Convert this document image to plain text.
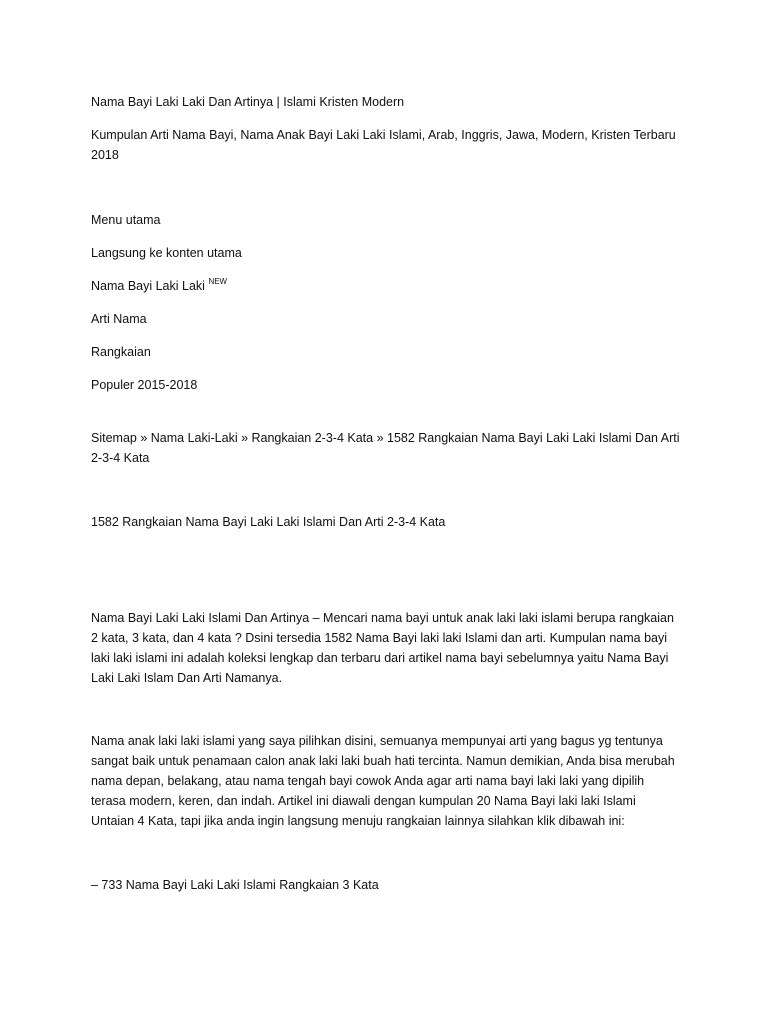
Nama Bayi Laki Laki Dan Artinya | Islami Kristen Modern

Kumpulan Arti Nama Bayi, Nama Anak Bayi Laki Laki Islami, Arab, Inggris, Jawa, Modern, Kristen Terbaru 2018

Menu utama

Langsung ke konten utama

Nama Bayi Laki Laki $^{NEW}$

Arti Nama

Rangkaian

Populer 2015-2018

Sitemap » Nama Laki-Laki » Rangkaian 2-3-4 Kata » 1582 Rangkaian Nama Bayi Laki Laki Islami Dan Arti 2-3-4 Kata

1582 Rangkaian Nama Bayi Laki Laki Islami Dan Arti 2-3-4 Kata

Nama Bayi Laki Laki Islami Dan Artinya – Mencari nama bayi untuk anak laki laki islami berupa rangkaian 2 kata, 3 kata, dan 4 kata ? Dsini tersedia 1582 Nama Bayi laki laki Islami dan arti. Kumpulan nama bayi laki laki islami ini adalah koleksi lengkap dan terbaru dari artikel nama bayi sebelumnya yaitu Nama Bayi Laki Laki Islam Dan Arti Namanya.

Nama anak laki laki islami yang saya pilihkan disini, semuanya mempunyai arti yang bagus yg tentunya sangat baik untuk penamaan calon anak laki laki buah hati tercinta. Namun demikian, Anda bisa merubah nama depan, belakang, atau nama tengah bayi cowok Anda agar arti nama bayi laki laki yang dipilih terasa modern, keren, dan indah. Artikel ini diawali dengan kumpulan 20 Nama Bayi laki laki Islami Untaian 4 Kata, tapi jika anda ingin langsung menuju rangkaian lainnya silahkan klik dibawah ini:

– 733 Nama Bayi Laki Laki Islami Rangkaian 3 Kata
